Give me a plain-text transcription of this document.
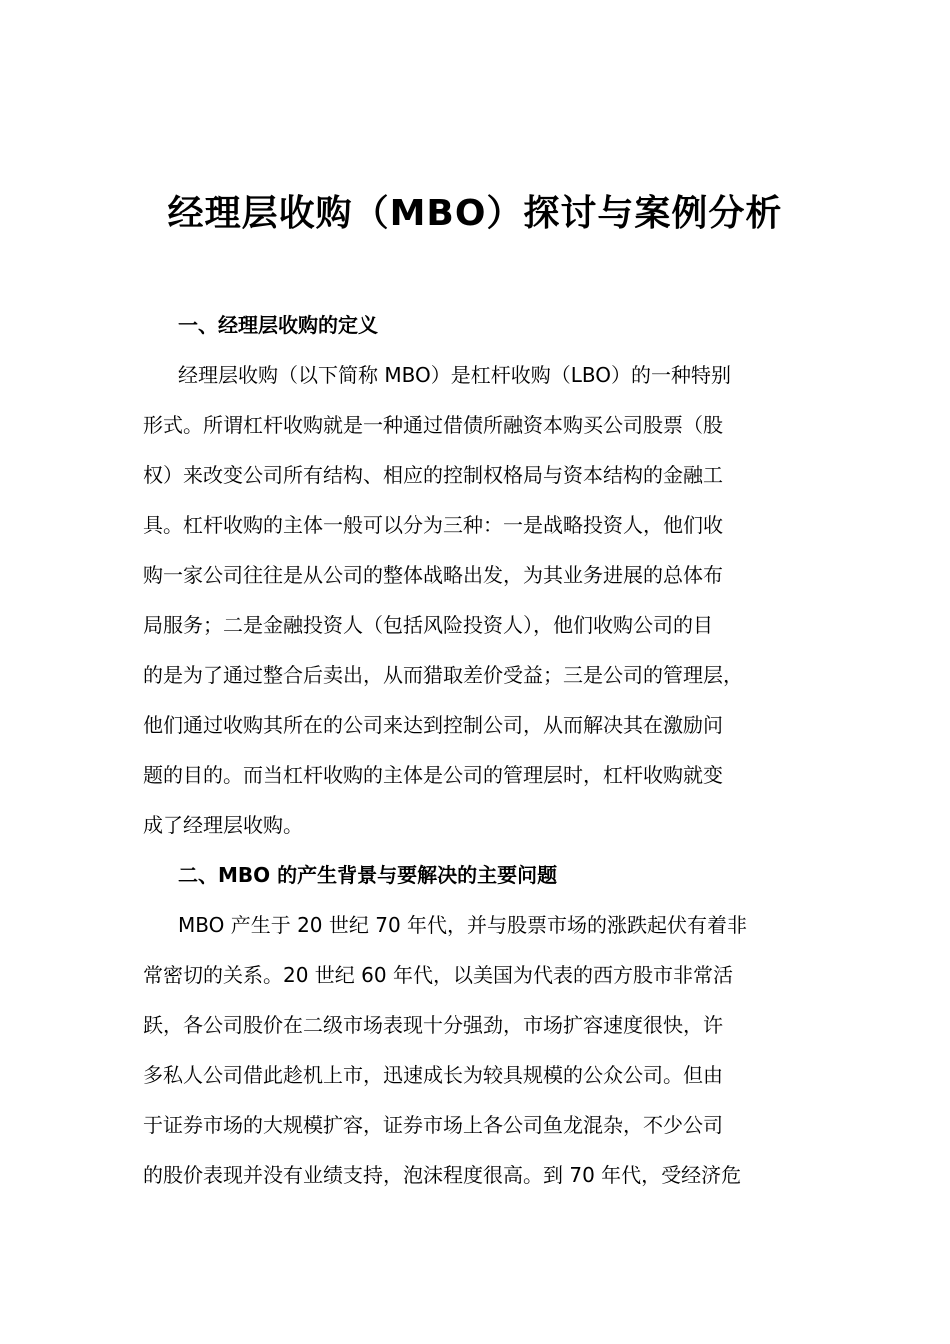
经理层收购（MBO）探讨与案例分析

一、经理层收购的定义

经理层收购（以下简称 MBO）是杠杆收购（LBO）的一种特别
形式。所谓杠杆收购就是一种通过借债所融资本购买公司股票（股
权）来改变公司所有结构、相应的控制权格局与资本结构的金融工
具。杠杆收购的主体一般可以分为三种：一是战略投资人，他们收
购一家公司往往是从公司的整体战略出发，为其业务进展的总体布
局服务；二是金融投资人（包括风险投资人），他们收购公司的目
的是为了通过整合后卖出，从而猎取差价受益；三是公司的管理层，
他们通过收购其所在的公司来达到控制公司，从而解决其在激励问
题的目的。而当杠杆收购的主体是公司的管理层时，杠杆收购就变
成了经理层收购。

二、MBO 的产生背景与要解决的主要问题

MBO 产生于 20 世纪 70 年代，并与股票市场的涨跌起伏有着非
常密切的关系。20 世纪 60 年代，以美国为代表的西方股市非常活
跃，各公司股价在二级市场表现十分强劲，市场扩容速度很快，许
多私人公司借此趁机上市，迅速成长为较具规模的公众公司。但由
于证券市场的大规模扩容，证券市场上各公司鱼龙混杂，不少公司
的股价表现并没有业绩支持，泡沫程度很高。到 70 年代，受经济危
